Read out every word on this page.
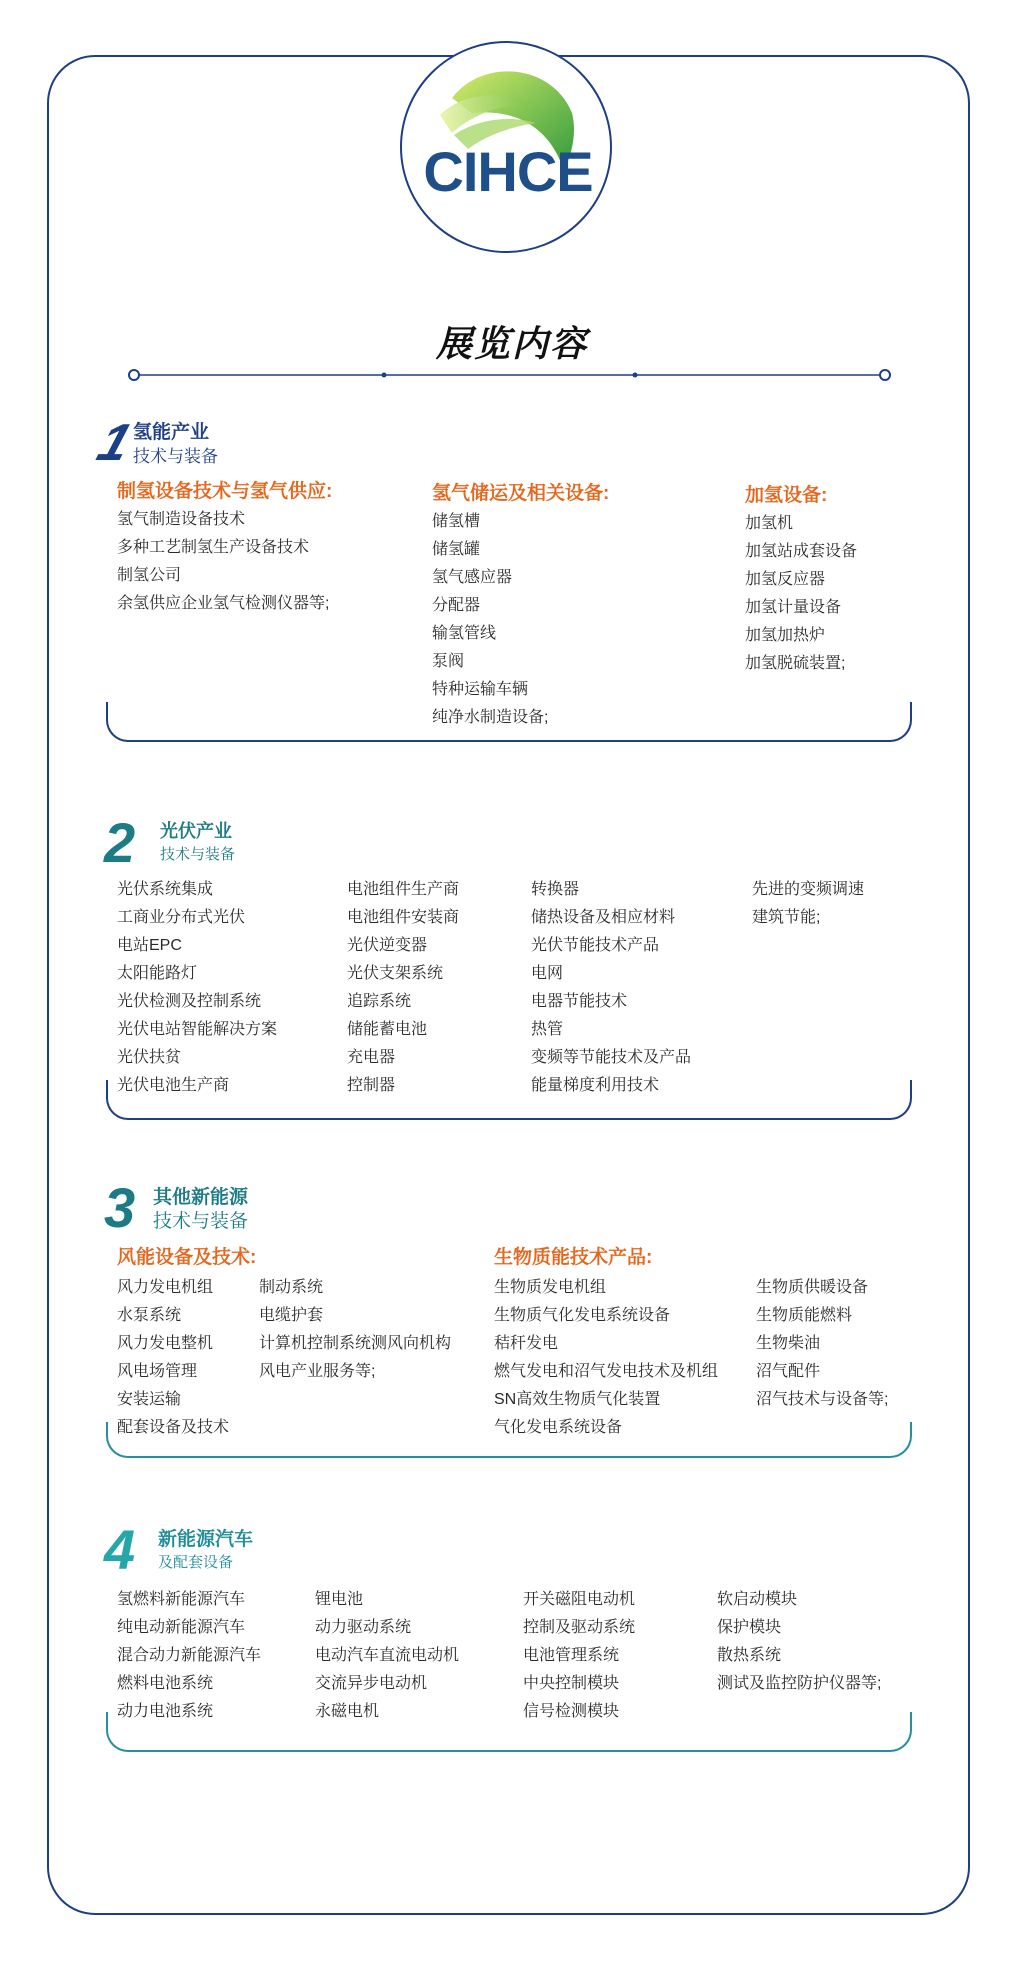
CIHCE
展览内容
1
氢能产业
技术与装备
制氢设备技术与氢气供应:
氢气制造设备技术
多种工艺制氢生产设备技术
制氢公司
余氢供应企业氢气检测仪器等;
氢气储运及相关设备:
储氢槽
储氢罐
氢气感应器
分配器
输氢管线
泵阀
特种运输车辆
纯净水制造设备;
加氢设备:
加氢机
加氢站成套设备
加氢反应器
加氢计量设备
加氢加热炉
加氢脱硫装置;
2 光伏产业
技术与装备
光伏系统集成
工商业分布式光伏
电站EPC
太阳能路灯
光伏检测及控制系统
光伏电站智能解决方案
光伏扶贫
光伏电池生产商
电池组件生产商
电池组件安装商
光伏逆变器
光伏支架系统
追踪系统
储能蓄电池
充电器
控制器
转换器
储热设备及相应材料
光伏节能技术产品
电网
电器节能技术
热管
变频等节能技术及产品
能量梯度利用技术
先进的变频调速
建筑节能;
3 其他新能源
技术与装备
风能设备及技术:	生物质能技术产品:
风力发电机组
水泵系统
风力发电整机
风电场管理
安装运输
配套设备及技术
制动系统
电缆护套
计算机控制系统测风向机构
风电产业服务等;
生物质发电机组
生物质气化发电系统设备
秸秆发电
燃气发电和沼气发电技术及机组
SN高效生物质气化装置
气化发电系统设备
生物质供暖设备
生物质能燃料
生物柴油
沼气配件
沼气技术与设备等;
4 新能源汽车
及配套设备
氢燃料新能源汽车
纯电动新能源汽车
混合动力新能源汽车
燃料电池系统
动力电池系统
锂电池
动力驱动系统
电动汽车直流电动机
交流异步电动机
永磁电机
开关磁阻电动机
控制及驱动系统
电池管理系统
中央控制模块
信号检测模块
软启动模块
保护模块
散热系统
测试及监控防护仪器等;
